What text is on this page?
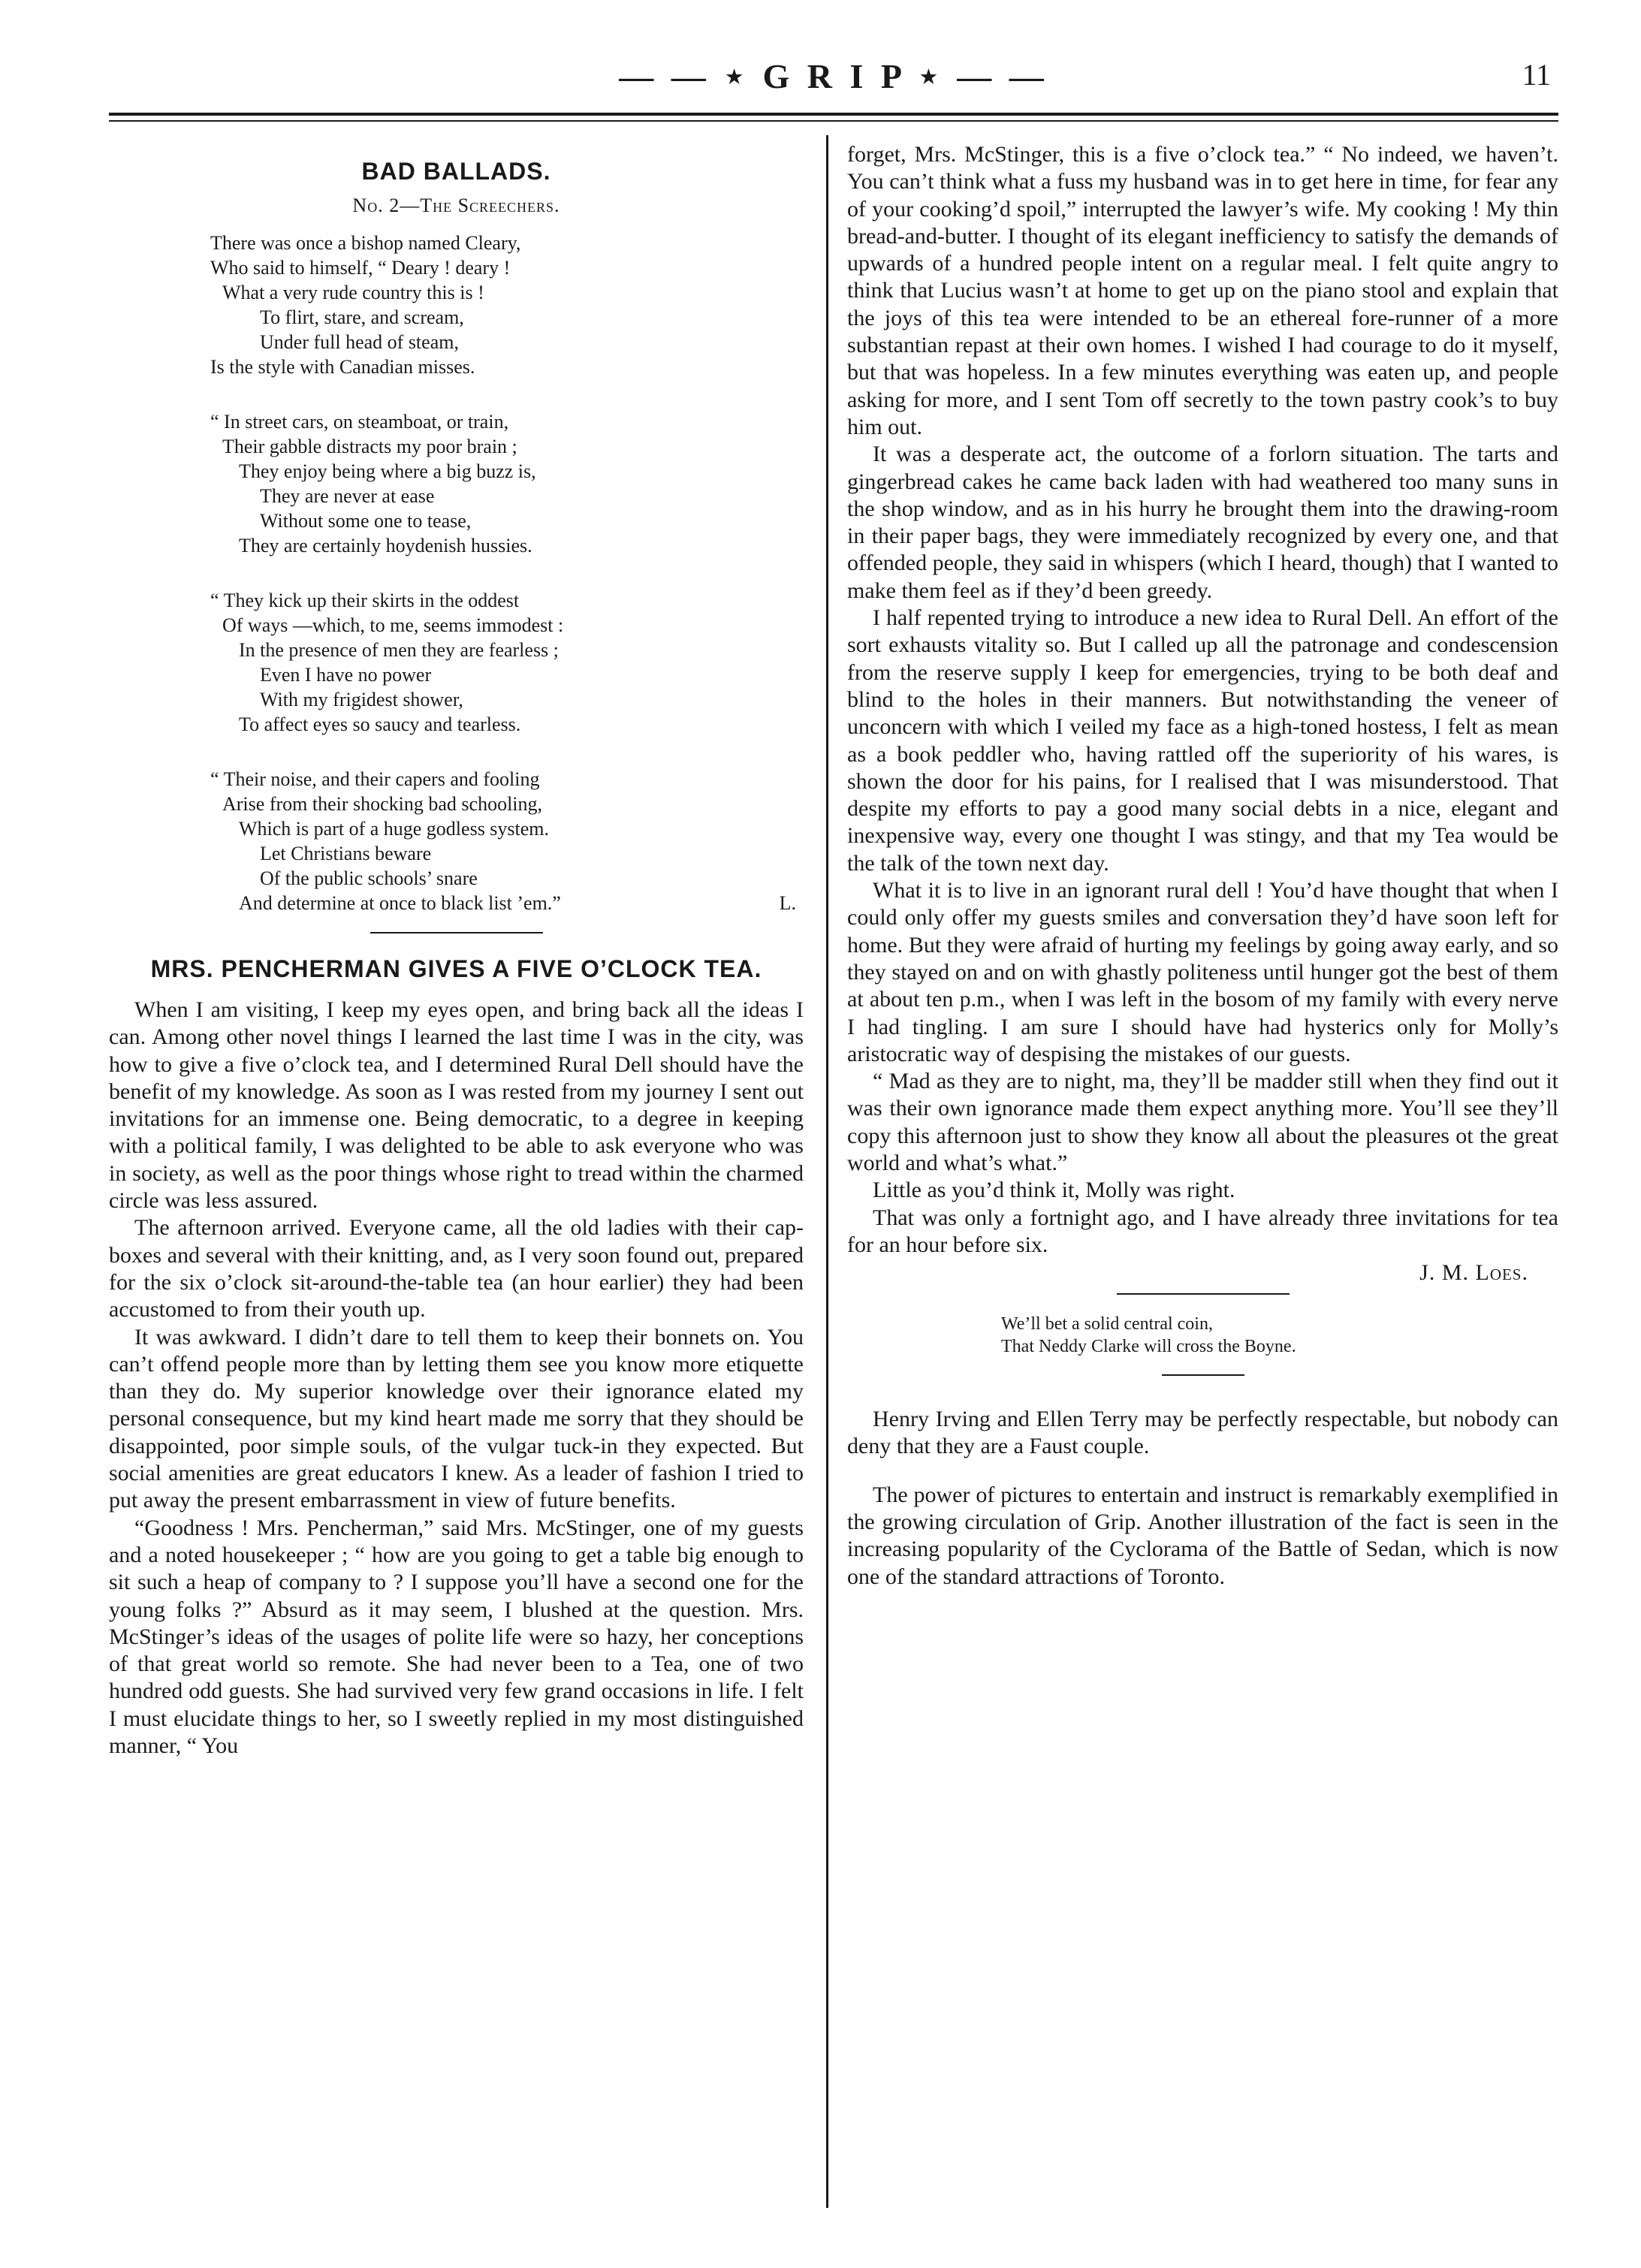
— — ⋆ G R I P ⋆ — —	11
BAD BALLADS.
No. 2—The Screechers.

There was once a bishop named Cleary,

Who said to himself, “ Deary ! deary !

What a very rude country this is !

To flirt, stare, and scream,

Under full head of steam,

Is the style with Canadian misses.

“ In street cars, on steamboat, or train,

Their gabble distracts my poor brain ;

They enjoy being where a big buzz is,

They are never at ease

Without some one to tease,

They are certainly hoydenish hussies.

“ They kick up their skirts in the oddest

Of ways —which, to me, seems immodest :

In the presence of men they are fearless ;

Even I have no power

With my frigidest shower,

To affect eyes so saucy and tearless.

“ Their noise, and their capers and fooling

Arise from their shocking bad schooling,

Which is part of a huge godless system.

Let Christians beware

Of the public schools’ snare

And determine at once to black list ’em.”	L.

MRS. PENCHERMAN GIVES A FIVE O’CLOCK TEA.

When I am visiting, I keep my eyes open, and bring back all the ideas I can. Among other novel things I learned the last time I was in the city, was how to give a five o’clock tea, and I determined Rural Dell should have the benefit of my knowledge. As soon as I was rested from my journey I sent out invitations for an immense one. Being democratic, to a degree in keeping with a political family, I was delighted to be able to ask everyone who was in society, as well as the poor things whose right to tread within the charmed circle was less assured.

The afternoon arrived. Everyone came, all the old ladies with their cap-boxes and several with their knitting, and, as I very soon found out, prepared for the six o’clock sit-around-the-table tea (an hour earlier) they had been accustomed to from their youth up.

It was awkward. I didn’t dare to tell them to keep their bonnets on. You can’t offend people more than by letting them see you know more etiquette than they do. My superior knowledge over their ignorance elated my personal consequence, but my kind heart made me sorry that they should be disappointed, poor simple souls, of the vulgar tuck-in they expected. But social amenities are great educators I knew. As a leader of fashion I tried to put away the present embarrassment in view of future benefits.

“Goodness ! Mrs. Pencherman,” said Mrs. McStinger, one of my guests and a noted housekeeper ; “ how are you going to get a table big enough to sit such a heap of company to ? I suppose you’ll have a second one for the young folks ?” Absurd as it may seem, I blushed at the question. Mrs. McStinger’s ideas of the usages of polite life were so hazy, her conceptions of that great world so remote. She had never been to a Tea, one of two hundred odd guests. She had survived very few grand occasions in life. I felt I must elucidate things to her, so I sweetly replied in my most distinguished manner, “ You

forget, Mrs. McStinger, this is a five o’clock tea.” “ No indeed, we haven’t. You can’t think what a fuss my husband was in to get here in time, for fear any of your cooking’d spoil,” interrupted the lawyer’s wife. My cooking ! My thin bread-and-butter. I thought of its elegant inefficiency to satisfy the demands of upwards of a hundred people intent on a regular meal. I felt quite angry to think that Lucius wasn’t at home to get up on the piano stool and explain that the joys of this tea were intended to be an ethereal fore-runner of a more substantian repast at their own homes. I wished I had courage to do it myself, but that was hopeless. In a few minutes everything was eaten up, and people asking for more, and I sent Tom off secretly to the town pastry cook’s to buy him out.

It was a desperate act, the outcome of a forlorn situation. The tarts and gingerbread cakes he came back laden with had weathered too many suns in the shop window, and as in his hurry he brought them into the drawing-room in their paper bags, they were immediately recognized by every one, and that offended people, they said in whispers (which I heard, though) that I wanted to make them feel as if they’d been greedy.

I half repented trying to introduce a new idea to Rural Dell. An effort of the sort exhausts vitality so. But I called up all the patronage and condescension from the reserve supply I keep for emergencies, trying to be both deaf and blind to the holes in their manners. But notwithstanding the veneer of unconcern with which I veiled my face as a high-toned hostess, I felt as mean as a book peddler who, having rattled off the superiority of his wares, is shown the door for his pains, for I realised that I was misunderstood. That despite my efforts to pay a good many social debts in a nice, elegant and inexpensive way, every one thought I was stingy, and that my Tea would be the talk of the town next day.

What it is to live in an ignorant rural dell ! You’d have thought that when I could only offer my guests smiles and conversation they’d have soon left for home. But they were afraid of hurting my feelings by going away early, and so they stayed on and on with ghastly politeness until hunger got the best of them at about ten p.m., when I was left in the bosom of my family with every nerve I had tingling. I am sure I should have had hysterics only for Molly’s aristocratic way of despising the mistakes of our guests.

“ Mad as they are to night, ma, they’ll be madder still when they find out it was their own ignorance made them expect anything more. You’ll see they’ll copy this afternoon just to show they know all about the pleasures ot the great world and what’s what.”

Little as you’d think it, Molly was right.

That was only a fortnight ago, and I have already three invitations for tea for an hour before six.

J. M. Loes.

We’ll bet a solid central coin,

That Neddy Clarke will cross the Boyne.

Henry Irving and Ellen Terry may be perfectly respectable, but nobody can deny that they are a Faust couple.

The power of pictures to entertain and instruct is remarkably exemplified in the growing circulation of Grip. Another illustration of the fact is seen in the increasing popularity of the Cyclorama of the Battle of Sedan, which is now one of the standard attractions of Toronto.
